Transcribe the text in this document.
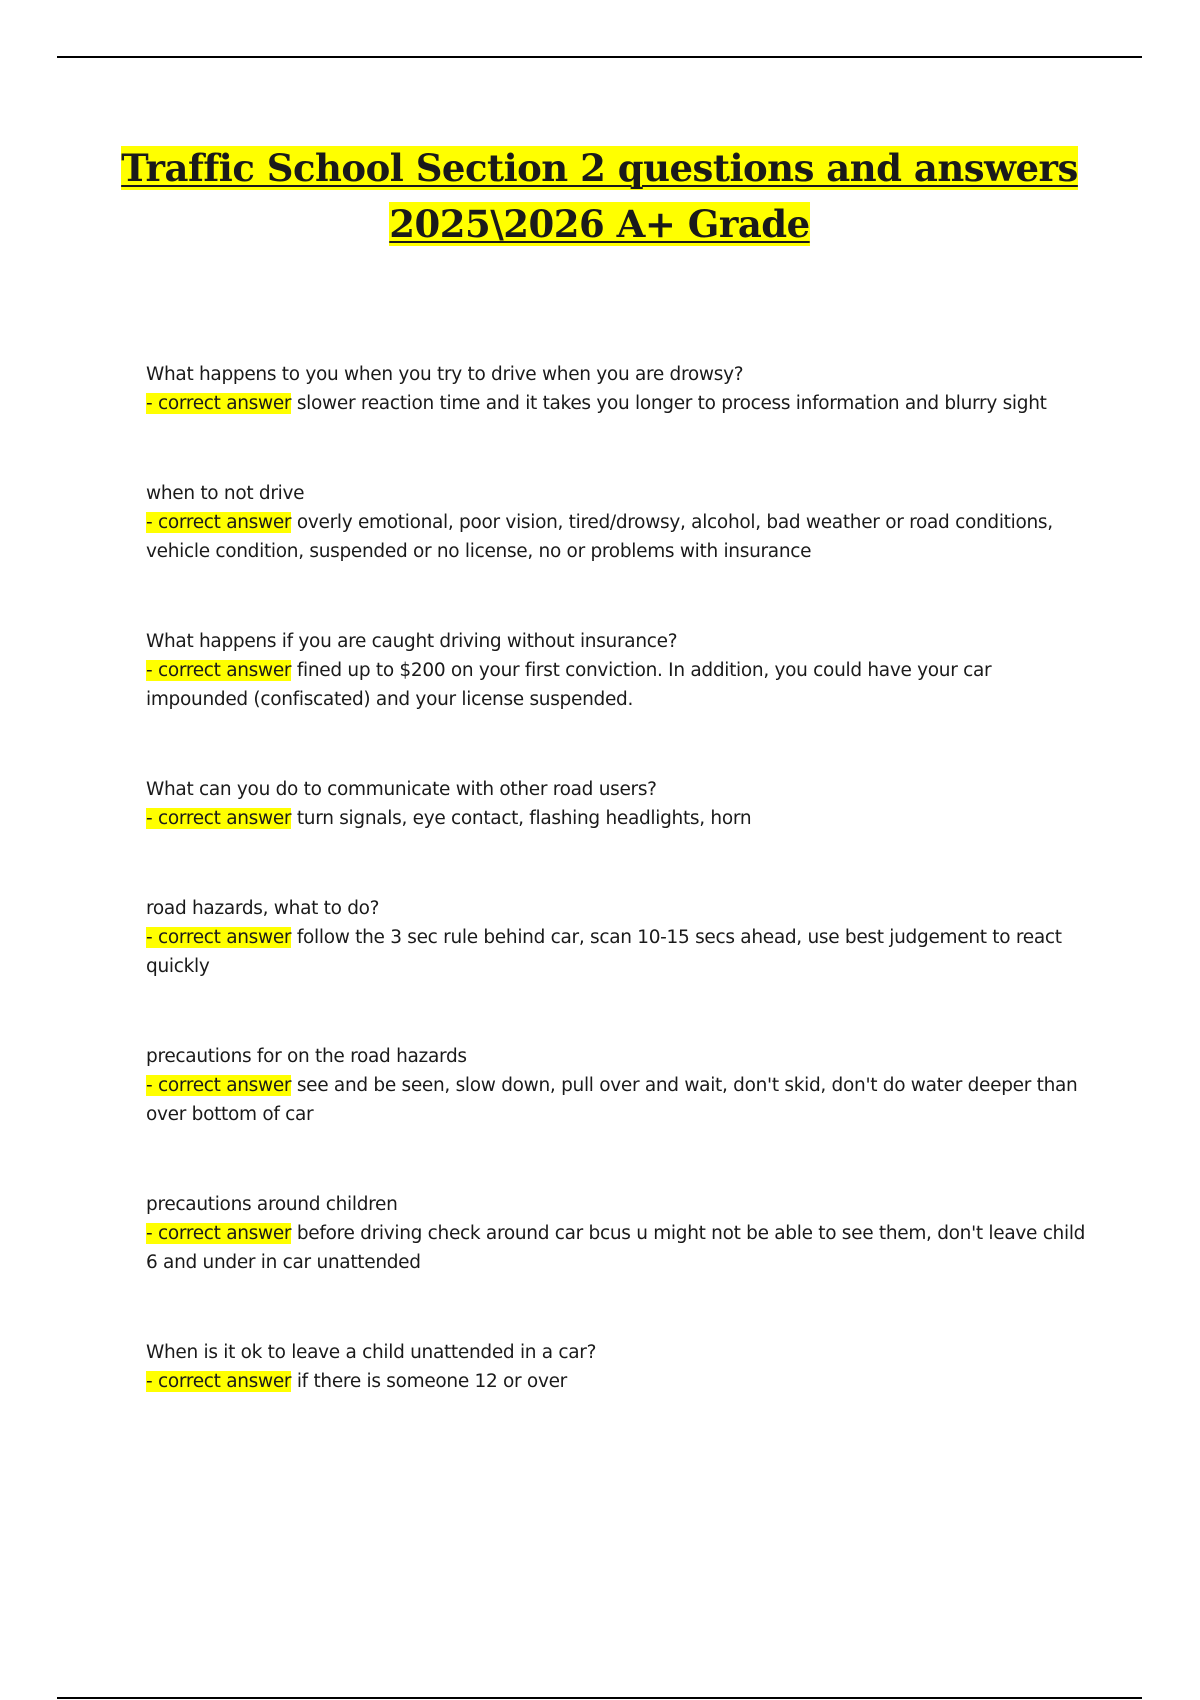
Traffic School Section 2 questions and answers
2025\2026 A+ Grade
What happens to you when you try to drive when you are drowsy?
- correct answer slower reaction time and it takes you longer to process information and blurry sight
when to not drive
- correct answer overly emotional, poor vision, tired/drowsy, alcohol, bad weather or road conditions, vehicle condition, suspended or no license, no or problems with insurance
What happens if you are caught driving without insurance?
- correct answer fined up to $200 on your first conviction. In addition, you could have your car impounded (confiscated) and your license suspended.
What can you do to communicate with other road users?
- correct answer turn signals, eye contact, flashing headlights, horn
road hazards, what to do?
- correct answer follow the 3 sec rule behind car, scan 10-15 secs ahead, use best judgement to react quickly
precautions for on the road hazards
- correct answer see and be seen, slow down, pull over and wait, don't skid, don't do water deeper than over bottom of car
precautions around children
- correct answer before driving check around car bcus u might not be able to see them, don't leave child 6 and under in car unattended
When is it ok to leave a child unattended in a car?
- correct answer if there is someone 12 or over
